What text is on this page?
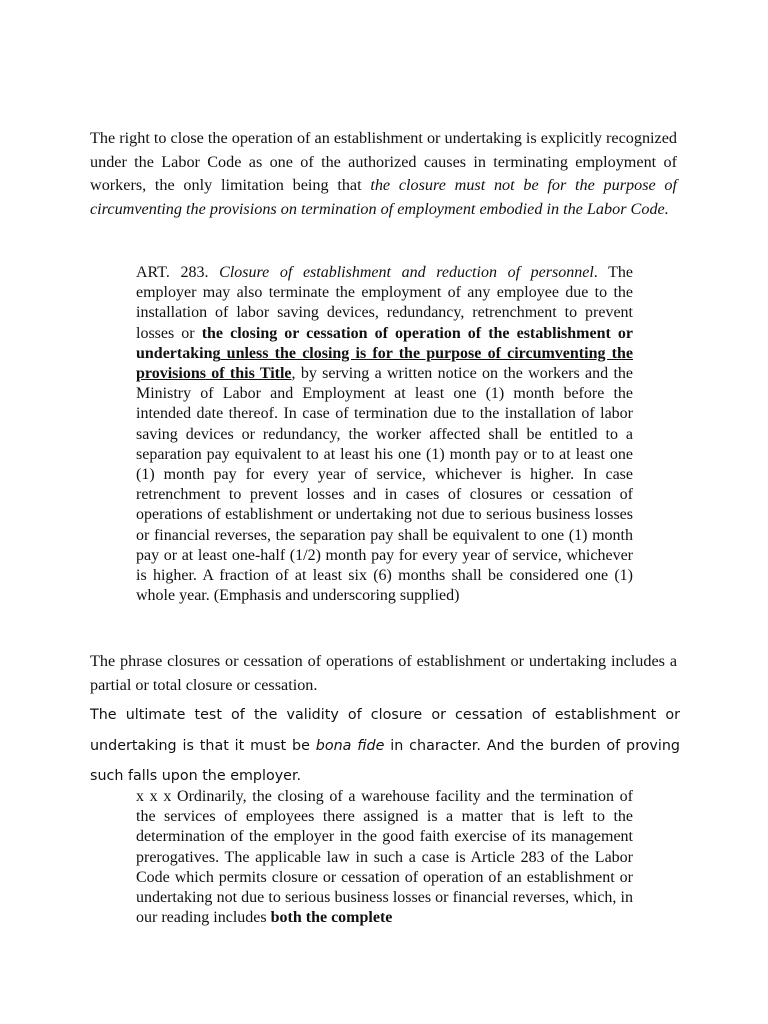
The right to close the operation of an establishment or undertaking is explicitly recognized under the Labor Code as one of the authorized causes in terminating employment of workers, the only limitation being that the closure must not be for the purpose of circumventing the provisions on termination of employment embodied in the Labor Code.

ART. 283. Closure of establishment and reduction of personnel. The employer may also terminate the employment of any employee due to the installation of labor saving devices, redundancy, retrenchment to prevent losses or the closing or cessation of operation of the establishment or undertaking unless the closing is for the purpose of circumventing the provisions of this Title, by serving a written notice on the workers and the Ministry of Labor and Employment at least one (1) month before the intended date thereof. In case of termination due to the installation of labor saving devices or redundancy, the worker affected shall be entitled to a separation pay equivalent to at least his one (1) month pay or to at least one (1) month pay for every year of service, whichever is higher. In case retrenchment to prevent losses and in cases of closures or cessation of operations of establishment or undertaking not due to serious business losses or financial reverses, the separation pay shall be equivalent to one (1) month pay or at least one-half (1/2) month pay for every year of service, whichever is higher. A fraction of at least six (6) months shall be considered one (1) whole year. (Emphasis and underscoring supplied)

The phrase closures or cessation of operations of establishment or undertaking includes a partial or total closure or cessation.

The ultimate test of the validity of closure or cessation of establishment or undertaking is that it must be bona fide in character. And the burden of proving such falls upon the employer.

x x x Ordinarily, the closing of a warehouse facility and the termination of the services of employees there assigned is a matter that is left to the determination of the employer in the good faith exercise of its management prerogatives. The applicable law in such a case is Article 283 of the Labor Code which permits closure or cessation of operation of an establishment or undertaking not due to serious business losses or financial reverses, which, in our reading includes both the complete
